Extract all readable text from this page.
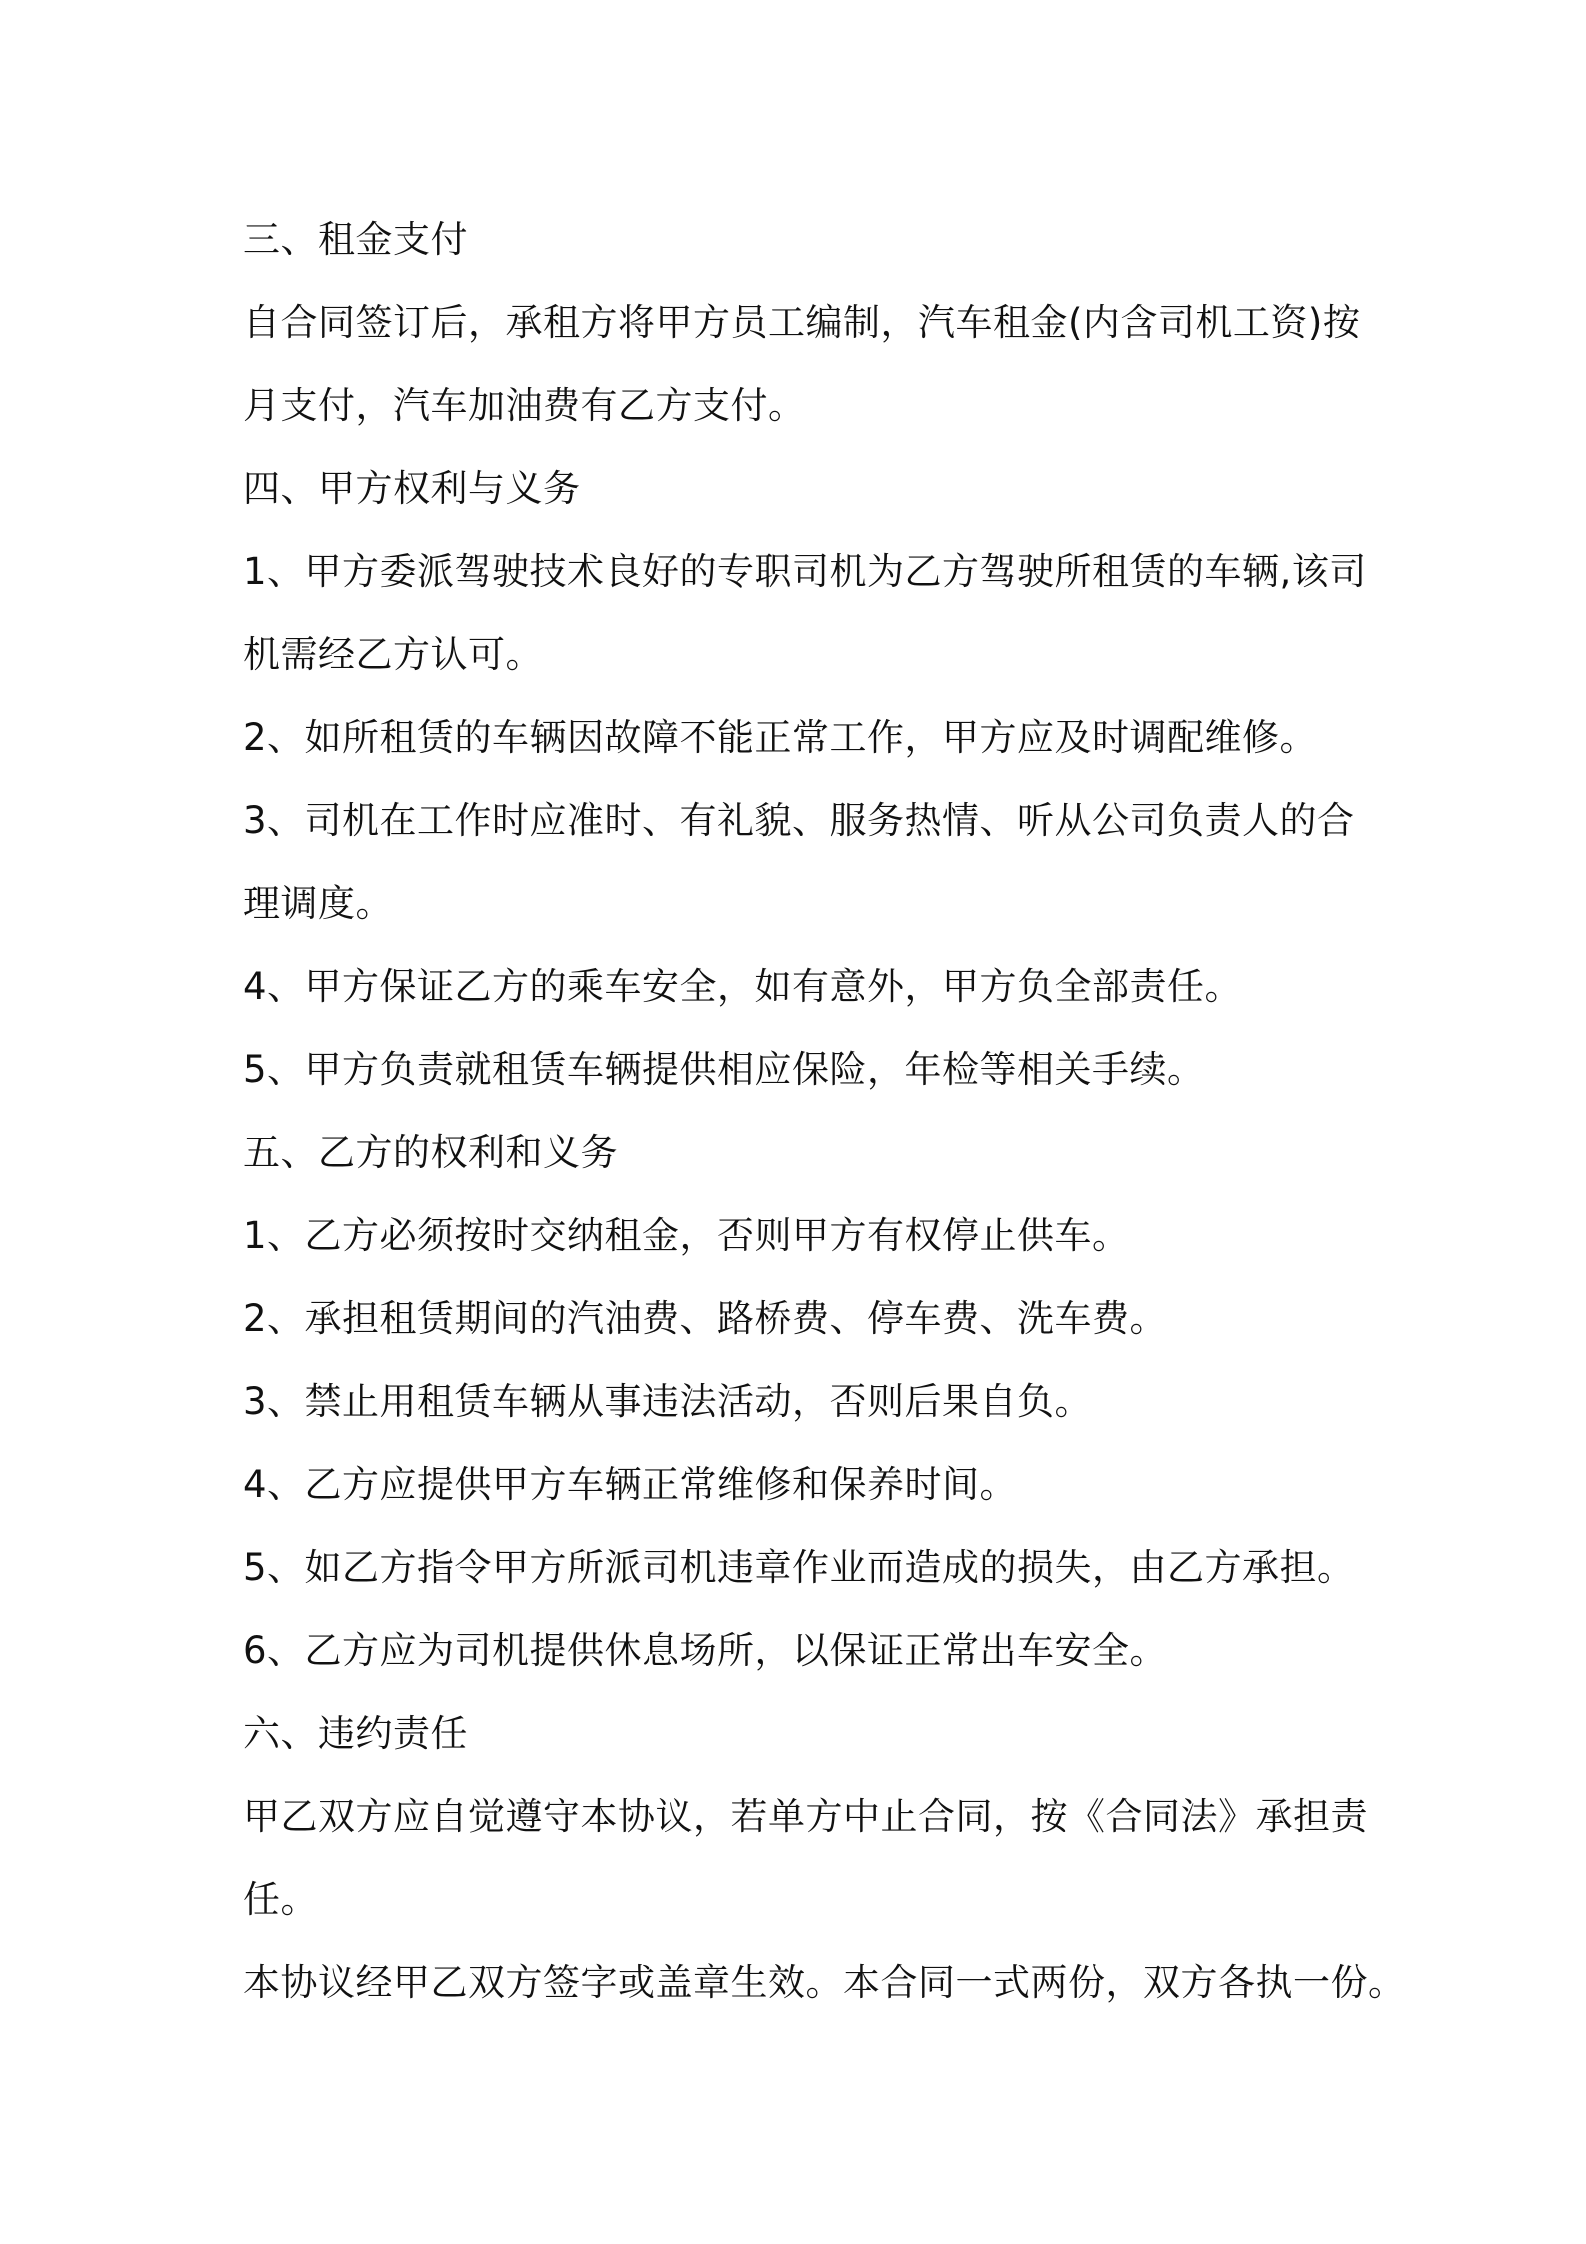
三、租金支付
自合同签订后，承租方将甲方员工编制，汽车租金(内含司机工资)按
月支付，汽车加油费有乙方支付。
四、甲方权利与义务
1、甲方委派驾驶技术良好的专职司机为乙方驾驶所租赁的车辆,该司
机需经乙方认可。
2、如所租赁的车辆因故障不能正常工作，甲方应及时调配维修。
3、司机在工作时应准时、有礼貌、服务热情、听从公司负责人的合
理调度。
4、甲方保证乙方的乘车安全，如有意外，甲方负全部责任。
5、甲方负责就租赁车辆提供相应保险，年检等相关手续。
五、乙方的权利和义务
1、乙方必须按时交纳租金，否则甲方有权停止供车。
2、承担租赁期间的汽油费、路桥费、停车费、洗车费。
3、禁止用租赁车辆从事违法活动，否则后果自负。
4、乙方应提供甲方车辆正常维修和保养时间。
5、如乙方指令甲方所派司机违章作业而造成的损失，由乙方承担。
6、乙方应为司机提供休息场所，以保证正常出车安全。
六、违约责任
甲乙双方应自觉遵守本协议，若单方中止合同，按《合同法》承担责
任。
本协议经甲乙双方签字或盖章生效。本合同一式两份，双方各执一份。
